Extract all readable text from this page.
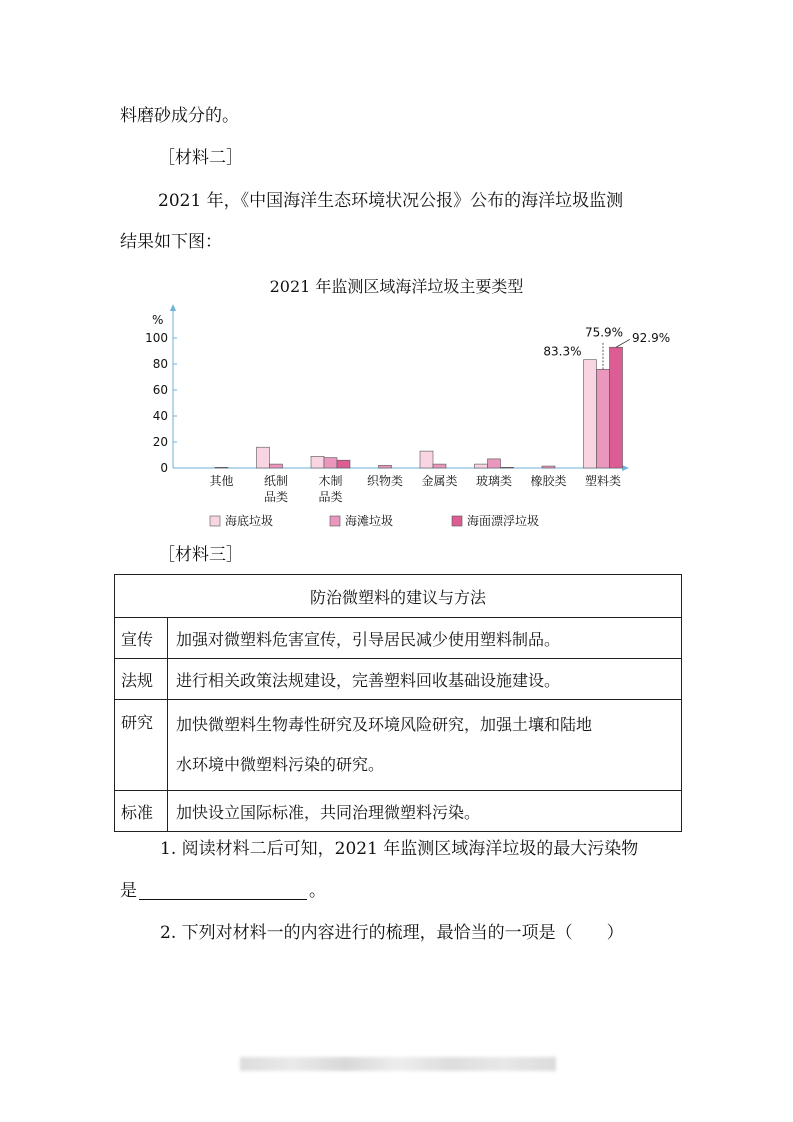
料磨砂成分的。
［材料二］
2021 年，《中国海洋生态环境状况公报》公布的海洋垃圾监测
结果如下图：
2021 年监测区域海洋垃圾主要类型
%
0
20
40
60
80
100
其他	纸制
品类
木制
品类
织物类 金属类 玻璃类 橡胶类 塑料类
83.3%
75.9% 92.9%
海底垃圾	海滩垃圾	海面漂浮垃圾
［材料三］
防治微塑料的建议与方法	
宣传	加强对微塑料危害宣传，引导居民减少使用塑料制品。
法规	进行相关政策法规建设，完善塑料回收基础设施建设。
研究	加快微塑料生物毒性研究及环境风险研究，加强土壤和陆地
水环境中微塑料污染的研究。

标准	加快设立国际标准，共同治理微塑料污染。
1. 阅读材料二后可知，2021 年监测区域海洋垃圾的最大污染物
是	。
2. 下列对材料一的内容进行的梳理，最恰当的一项是（　　）
